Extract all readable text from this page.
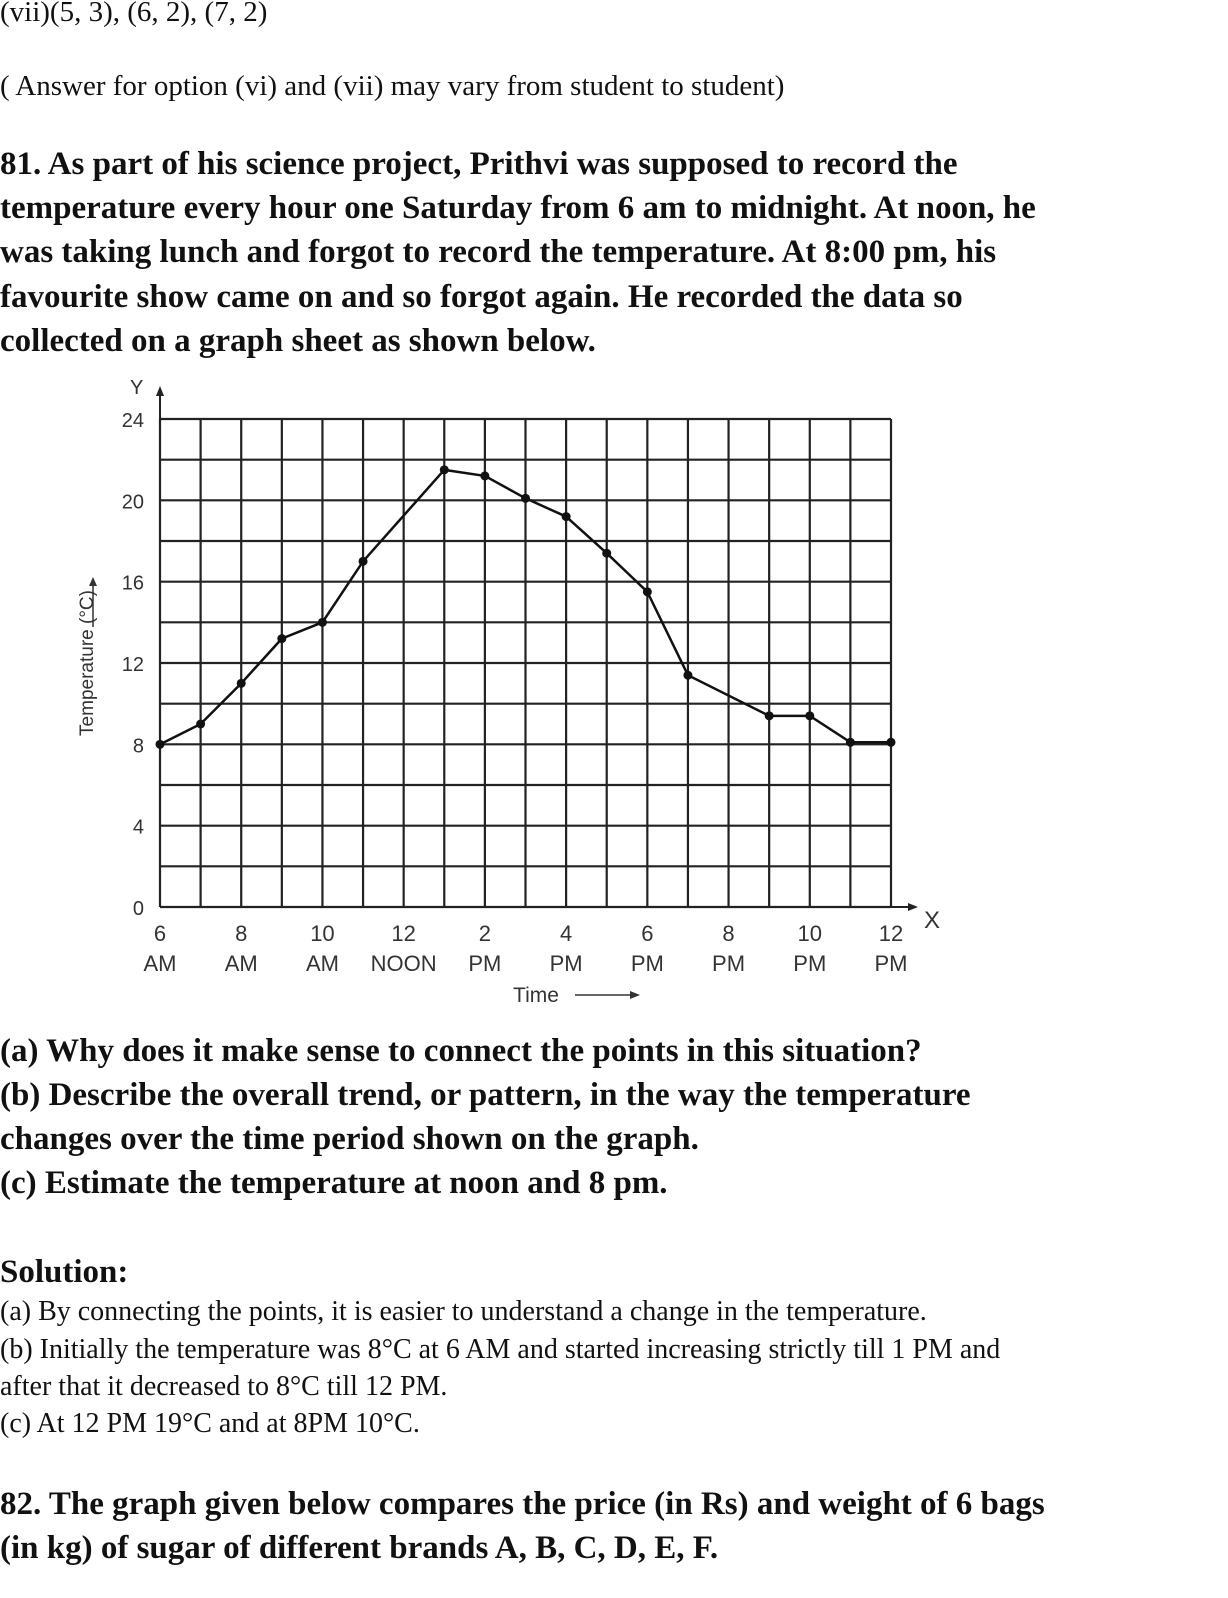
(vii)(5, 3), (6, 2), (7, 2)
( Answer for option (vi) and (vii) may vary from student to student)
81. As part of his science project, Prithvi was supposed to record the
temperature every hour one Saturday from 6 am to midnight. At noon, he
was taking lunch and forgot to record the temperature. At 8:00 pm, his
favourite show came on and so forgot again. He recorded the data so
collected on a graph sheet as shown below.
0
4
8
12
16
20
24
6
AM
8
AM
10
AM
12
NOON
2
PM
4
PM
6
PM
8
PM
10
PM
12
PM
Temperature (°C)
Y
X
Time
(a) Why does it make sense to connect the points in this situation?
(b) Describe the overall trend, or pattern, in the way the temperature
changes over the time period shown on the graph.
(c) Estimate the temperature at noon and 8 pm.
Solution:
(a) By connecting the points, it is easier to understand a change in the temperature.
(b) Initially the temperature was 8°C at 6 AM and started increasing strictly till 1 PM and
after that it decreased to 8°C till 12 PM.
(c) At 12 PM 19°C and at 8PM 10°C.
82. The graph given below compares the price (in Rs) and weight of 6 bags
(in kg) of sugar of different brands A, B, C, D, E, F.
